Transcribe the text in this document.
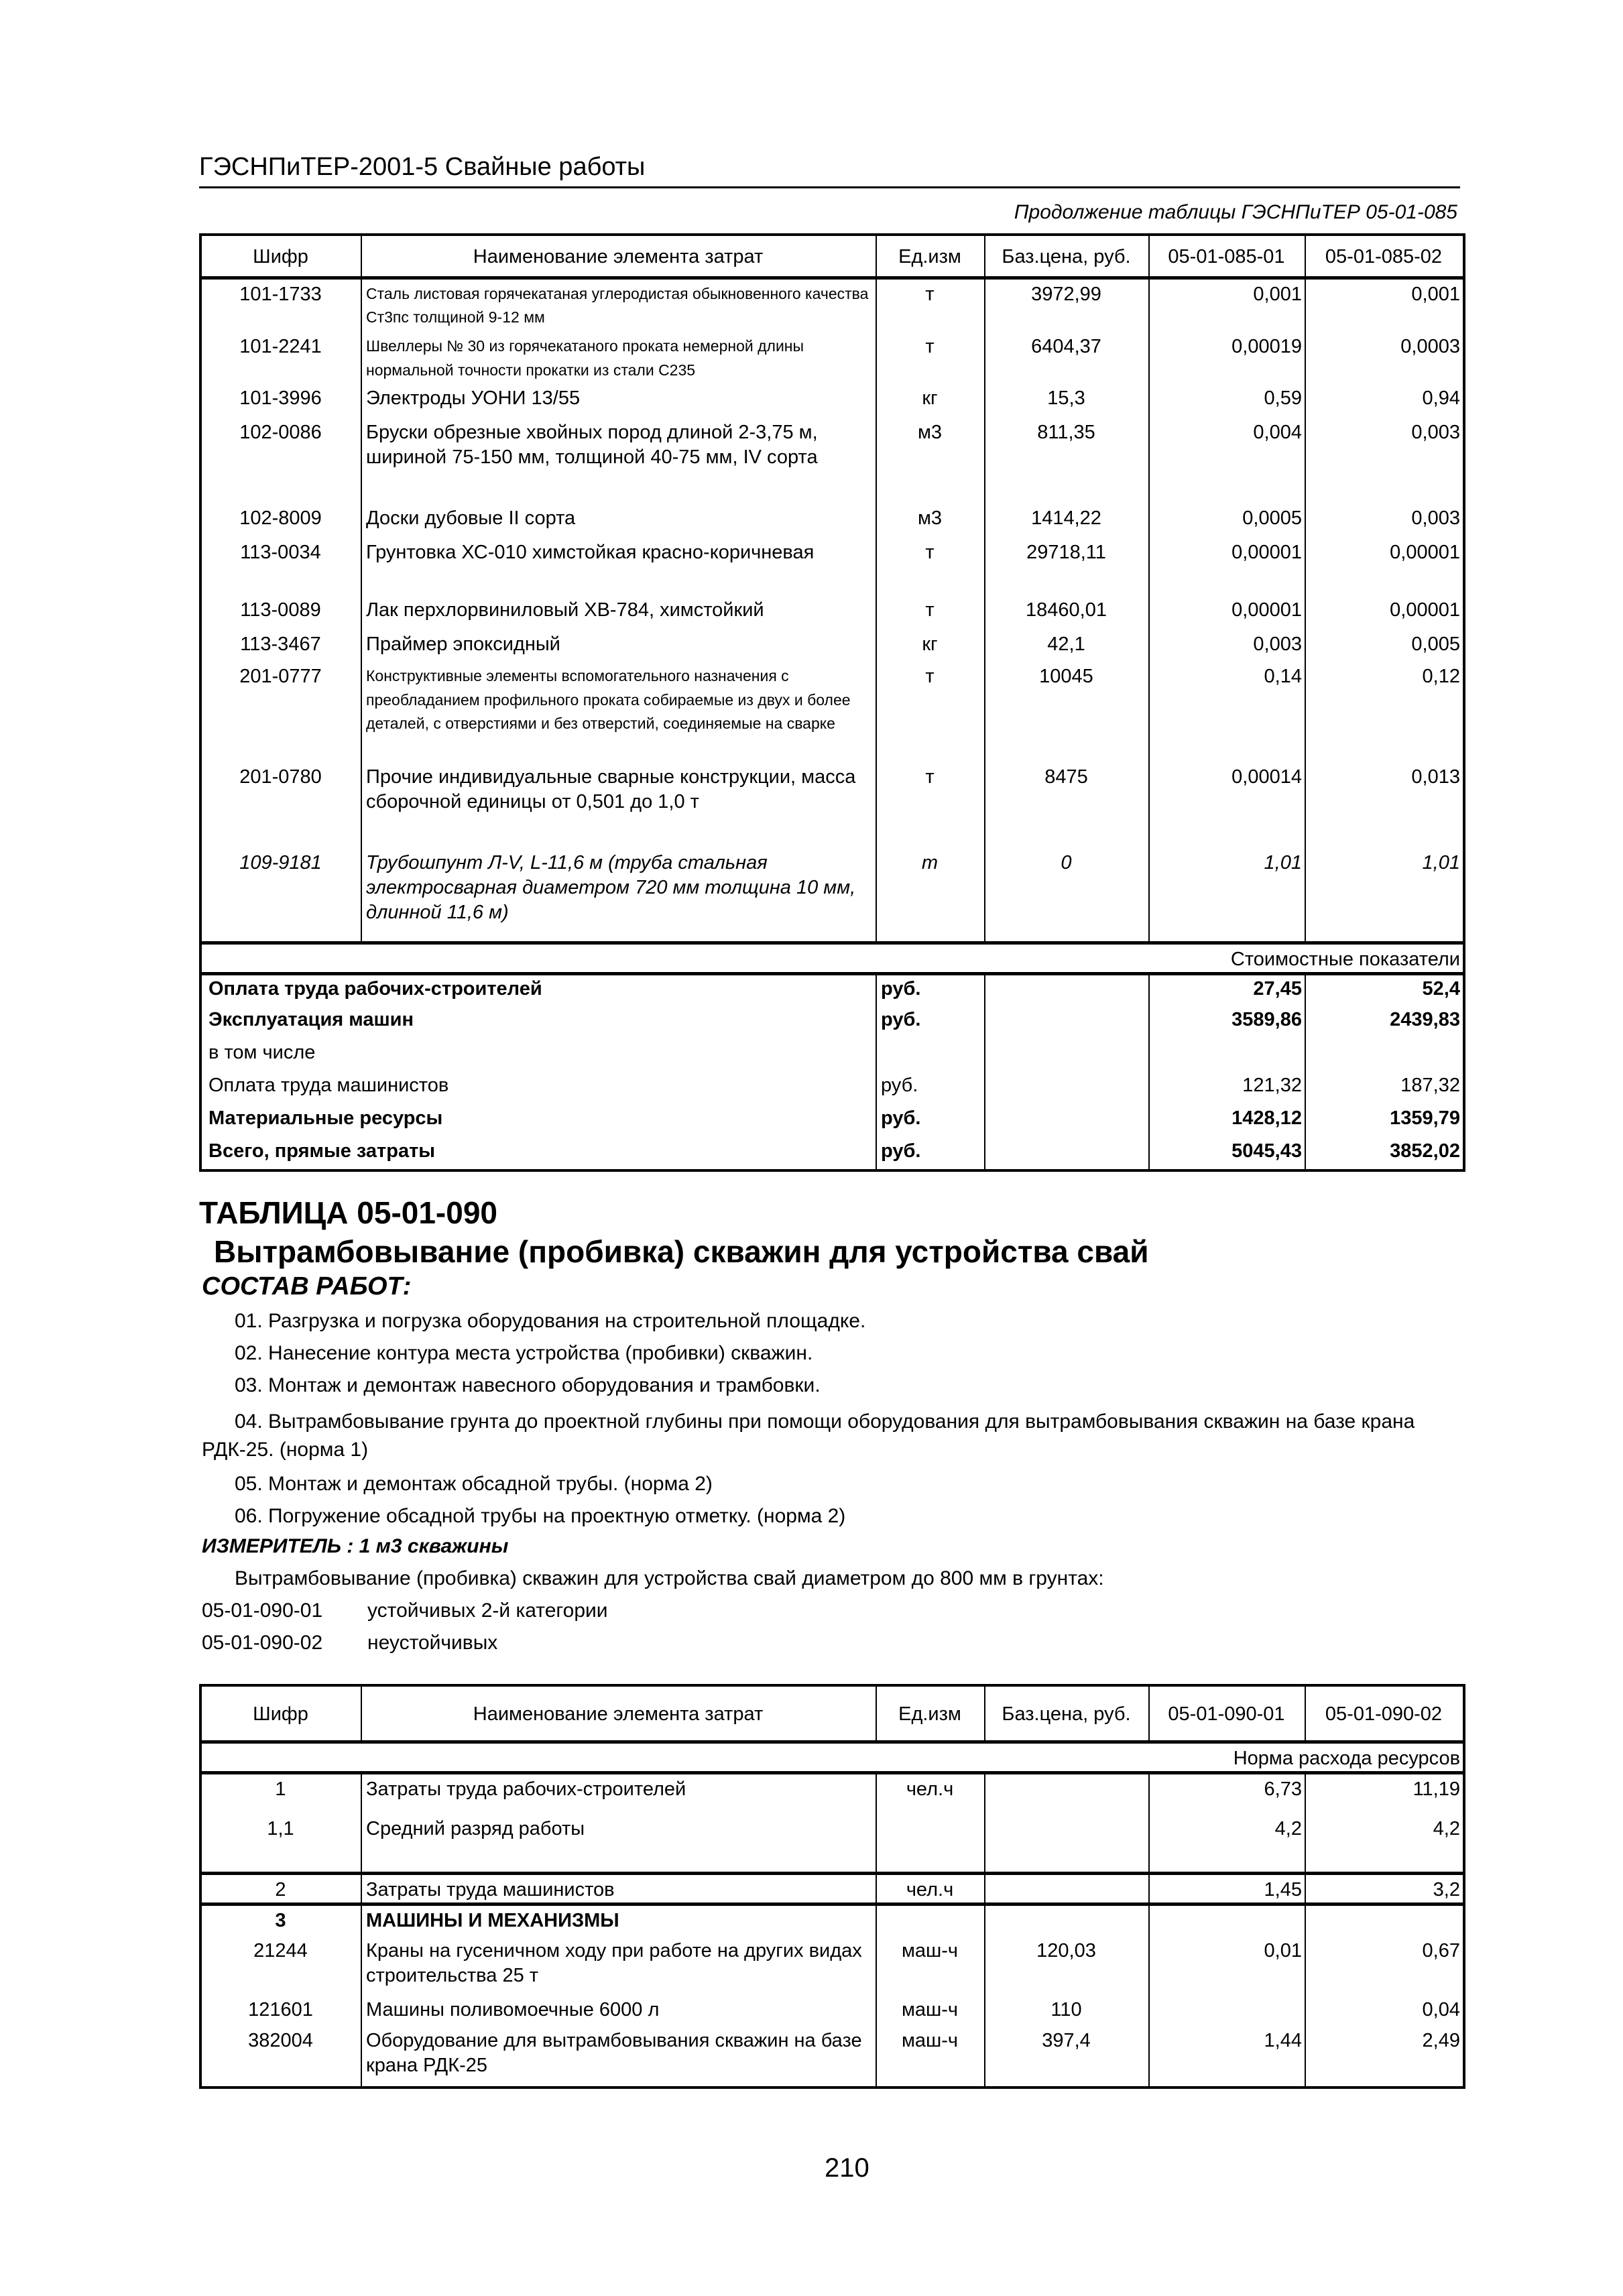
ГЭСНПиТЕР-2001-5 Свайные работы
Продолжение таблицы ГЭСНПиТЕР 05-01-085
Шифр	Наименование элемента затрат	Ед.изм	Баз.цена, руб.	05-01-085-01	05-01-085-02
101-1733	Сталь листовая горячекатаная углеродистая обыкновенного качества Ст3пс толщиной 9-12 мм	т	3972,99	0,001	0,001
101-2241	Швеллеры № 30 из горячекатаного проката немерной длины нормальной точности прокатки из стали С235	т	6404,37	0,00019	0,0003
101-3996	Электроды УОНИ 13/55	кг	15,3	0,59	0,94
102-0086	Бруски обрезные хвойных пород длиной 2-3,75 м, шириной 75-150 мм, толщиной 40-75 мм, IV сорта	м3	811,35	0,004	0,003
102-8009	Доски дубовые II сорта	м3	1414,22	0,0005	0,003
113-0034	Грунтовка ХС-010 химстойкая красно-коричневая	т	29718,11	0,00001	0,00001
113-0089	Лак перхлорвиниловый ХВ-784, химстойкий	т	18460,01	0,00001	0,00001
113-3467	Праймер эпоксидный	кг	42,1	0,003	0,005
201-0777	Конструктивные элементы вспомогательного назначения с преобладанием профильного проката собираемые из двух и более деталей, с отверстиями и без отверстий, соединяемые на сварке	т	10045	0,14	0,12
201-0780	Прочие индивидуальные сварные конструкции, масса сборочной единицы от 0,501 до 1,0 т	т	8475	0,00014	0,013
109-9181	Трубошпунт Л-V, L-11,6 м (труба стальная электросварная диаметром 720 мм толщина 10 мм, длинной 11,6 м)	m	0	1,01	1,01
Стоимостные показатели					
Оплата труда рабочих-строителей		руб.		27,45	52,4
Эксплуатация машин		руб.		3589,86	2439,83
в том числе					
Оплата труда машинистов		руб.		121,32	187,32
Материальные ресурсы		руб.		1428,12	1359,79
Всего, прямые затраты		руб.		5045,43	3852,02
ТАБЛИЦА 05-01-090
Вытрамбовывание (пробивка) скважин для устройства свай
СОСТАВ РАБОТ:
01. Разгрузка и погрузка оборудования на строительной площадке.
02. Нанесение контура места устройства (пробивки) скважин.
03. Монтаж и демонтаж навесного оборудования и трамбовки.
04. Вытрамбовывание грунта до проектной глубины при помощи оборудования для вытрамбовывания скважин на базе крана РДК-25. (норма 1)
05. Монтаж и демонтаж обсадной трубы. (норма 2)
06. Погружение обсадной трубы на проектную отметку. (норма 2)
ИЗМЕРИТЕЛЬ : 1 м3 скважины
Вытрамбовывание (пробивка) скважин для устройства свай диаметром до 800 мм в грунтах:
05-01-090-01 устойчивых 2-й категории
05-01-090-02 неустойчивых
Шифр	Наименование элемента затрат	Ед.изм	Баз.цена, руб.	05-01-090-01	05-01-090-02
Норма расхода ресурсов					
1	Затраты труда рабочих-строителей	чел.ч		6,73	11,19
1,1	Средний разряд работы			4,2	4,2
2	Затраты труда машинистов	чел.ч		1,45	3,2
3	МАШИНЫ И МЕХАНИЗМЫ				
21244	Краны на гусеничном ходу при работе на других видах строительства 25 т	маш-ч	120,03	0,01	0,67
121601	Машины поливомоечные 6000 л	маш-ч	110		0,04
382004	Оборудование для вытрамбовывания скважин на базе крана РДК-25	маш-ч	397,4	1,44	2,49
210
